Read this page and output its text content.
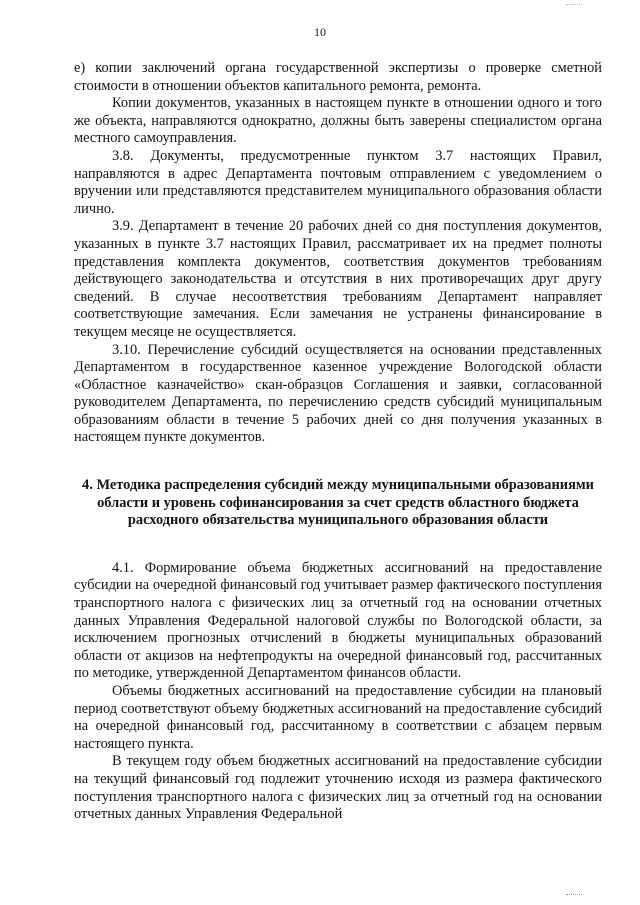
10

е) копии заключений органа государственной экспертизы о проверке сметной стоимости в отношении объектов капитального ремонта, ремонта.

Копии документов, указанных в настоящем пункте в отношении одного и того же объекта, направляются однократно, должны быть заверены специалистом органа местного самоуправления.

3.8. Документы, предусмотренные пунктом 3.7 настоящих Правил, направляются в адрес Департамента почтовым отправлением с уведомлением о вручении или представляются представителем муниципального образования области лично.

3.9. Департамент в течение 20 рабочих дней со дня поступления документов, указанных в пункте 3.7 настоящих Правил, рассматривает их на предмет полноты представления комплекта документов, соответствия документов требованиям действующего законодательства и отсутствия в них противоречащих друг другу сведений. В случае несоответствия требованиям Департамент направляет соответствующие замечания. Если замечания не устранены финансирование в текущем месяце не осуществляется.

3.10. Перечисление субсидий осуществляется на основании представленных Департаментом в государственное казенное учреждение Вологодской области «Областное казначейство» скан-образцов Соглашения и заявки, согласованной руководителем Департамента, по перечислению средств субсидий муниципальным образованиям области в течение 5 рабочих дней со дня получения указанных в настоящем пункте документов.

4. Методика распределения субсидий между муниципальными образованиями области и уровень софинансирования за счет средств областного бюджета расходного обязательства муниципального образования области

4.1. Формирование объема бюджетных ассигнований на предоставление субсидии на очередной финансовый год учитывает размер фактического поступления транспортного налога с физических лиц за отчетный год на основании отчетных данных Управления Федеральной налоговой службы по Вологодской области, за исключением прогнозных отчислений в бюджеты муниципальных образований области от акцизов на нефтепродукты на очередной финансовый год, рассчитанных по методике, утвержденной Департаментом финансов области.

Объемы бюджетных ассигнований на предоставление субсидии на плановый период соответствуют объему бюджетных ассигнований на предоставление субсидий на очередной финансовый год, рассчитанному в соответствии с абзацем первым настоящего пункта.

В текущем году объем бюджетных ассигнований на предоставление субсидии на текущий финансовый год подлежит уточнению исходя из размера фактического поступления транспортного налога с физических лиц за отчетный год на основании отчетных данных Управления Федеральной
